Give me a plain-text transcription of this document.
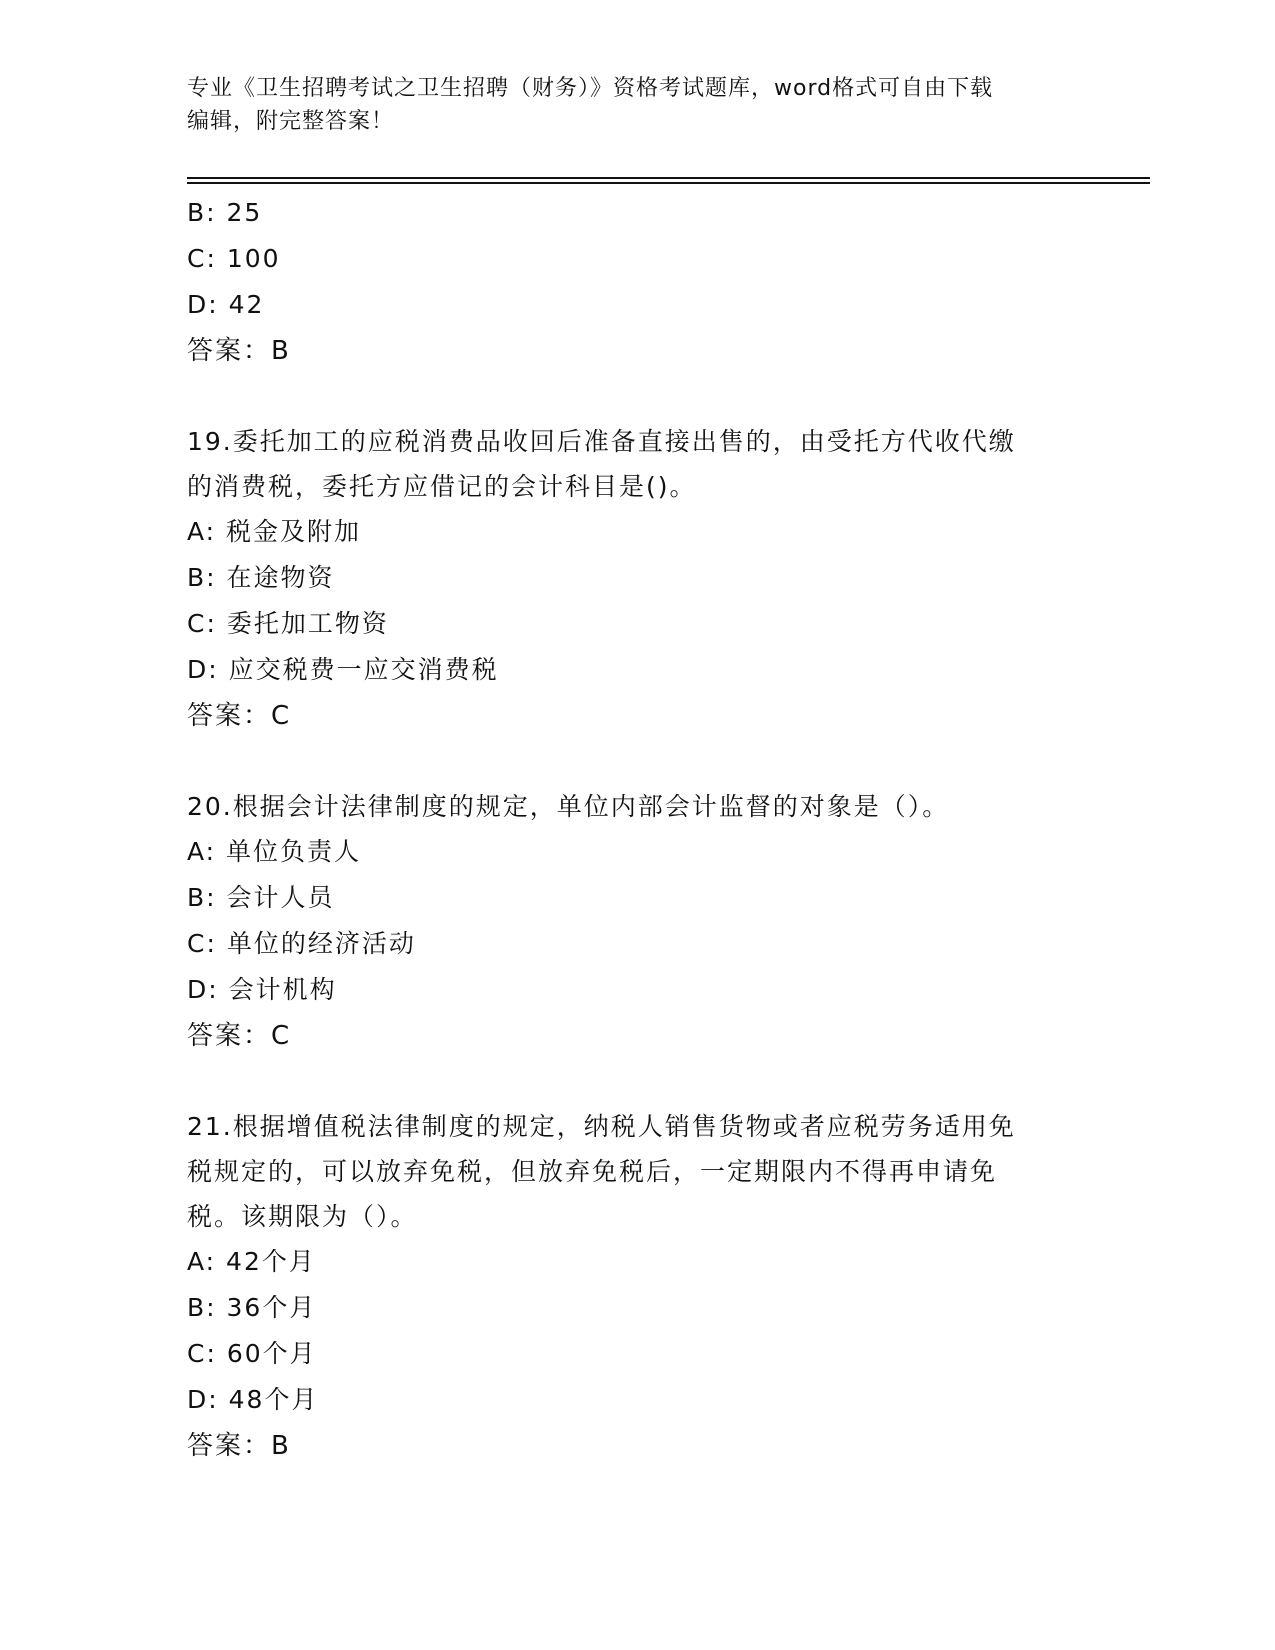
专业《卫生招聘考试之卫生招聘（财务）》资格考试题库，word格式可自由下载
编辑，附完整答案！
B: 25
C: 100
D: 42
答案：B
19.委托加工的应税消费品收回后准备直接出售的，由受托方代收代缴
的消费税，委托方应借记的会计科目是()。
A: 税金及附加
B: 在途物资
C: 委托加工物资
D: 应交税费一应交消费税
答案：C
20.根据会计法律制度的规定，单位内部会计监督的对象是（）。
A: 单位负责人
B: 会计人员
C: 单位的经济活动
D: 会计机构
答案：C
21.根据增值税法律制度的规定，纳税人销售货物或者应税劳务适用免
税规定的，可以放弃免税，但放弃免税后，一定期限内不得再申请免
税。该期限为（）。
A: 42个月
B: 36个月
C: 60个月
D: 48个月
答案：B
